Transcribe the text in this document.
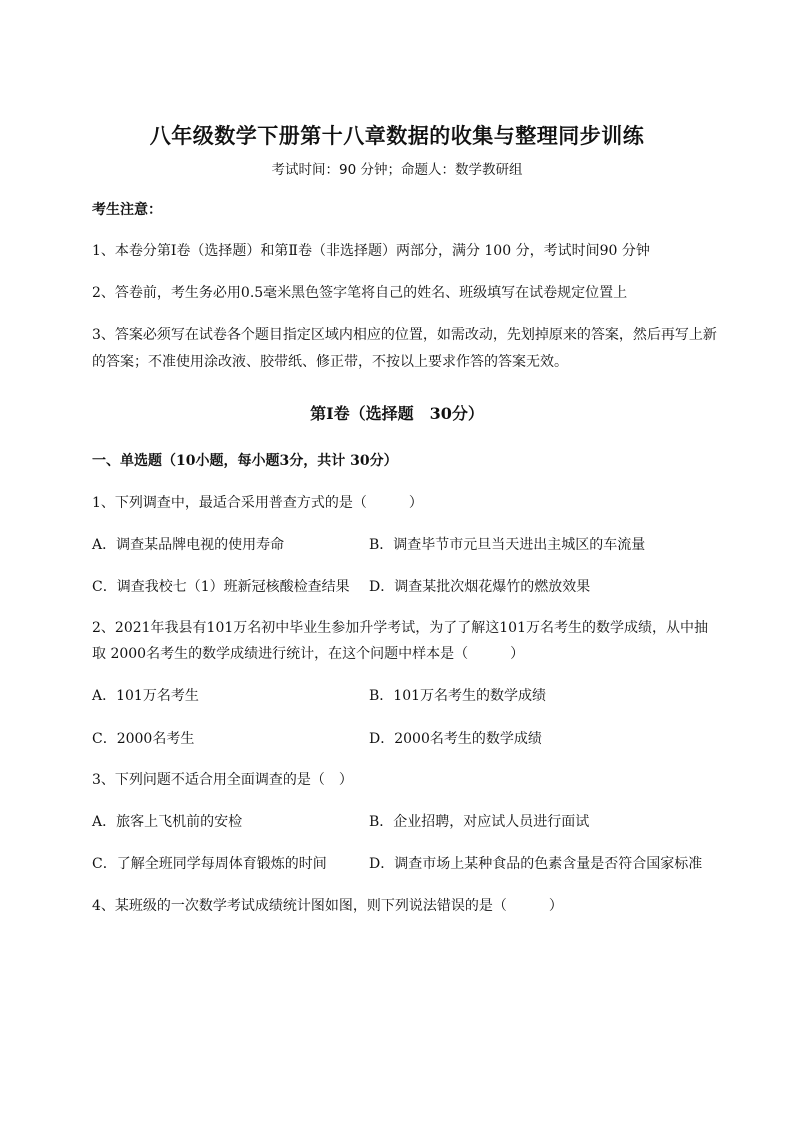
八年级数学下册第十八章数据的收集与整理同步训练
考试时间：90 分钟；命题人：数学教研组
考生注意：
1、本卷分第Ⅰ卷（选择题）和第Ⅱ卷（非选择题）两部分，满分 100 分，考试时间90 分钟
2、答卷前，考生务必用0.5毫米黑色签字笔将自己的姓名、班级填写在试卷规定位置上
3、答案必须写在试卷各个题目指定区域内相应的位置，如需改动，先划掉原来的答案，然后再写上新
的答案；不准使用涂改液、胶带纸、修正带，不按以上要求作答的答案无效。
第Ⅰ卷（选择题　30分）
一、单选题（10小题，每小题3分，共计 30分）
1、下列调查中，最适合采用普查方式的是（　　　）
A．调查某品牌电视的使用寿命	B．调查毕节市元旦当天进出主城区的车流量
C．调查我校七（1）班新冠核酸检查结果 D．调查某批次烟花爆竹的燃放效果
2、2021年我县有101万名初中毕业生参加升学考试，为了了解这101万名考生的数学成绩，从中抽
取 2000名考生的数学成绩进行统计，在这个问题中样本是（　　　）
A．101万名考生	B．101万名考生的数学成绩
C．2000名考生	D．2000名考生的数学成绩
3、下列问题不适合用全面调查的是（　）
A．旅客上飞机前的安检	B．企业招聘，对应试人员进行面试
C．了解全班同学每周体育锻炼的时间	D．调查市场上某种食品的色素含量是否符合国家标准
4、某班级的一次数学考试成绩统计图如图，则下列说法错误的是（　　　）
